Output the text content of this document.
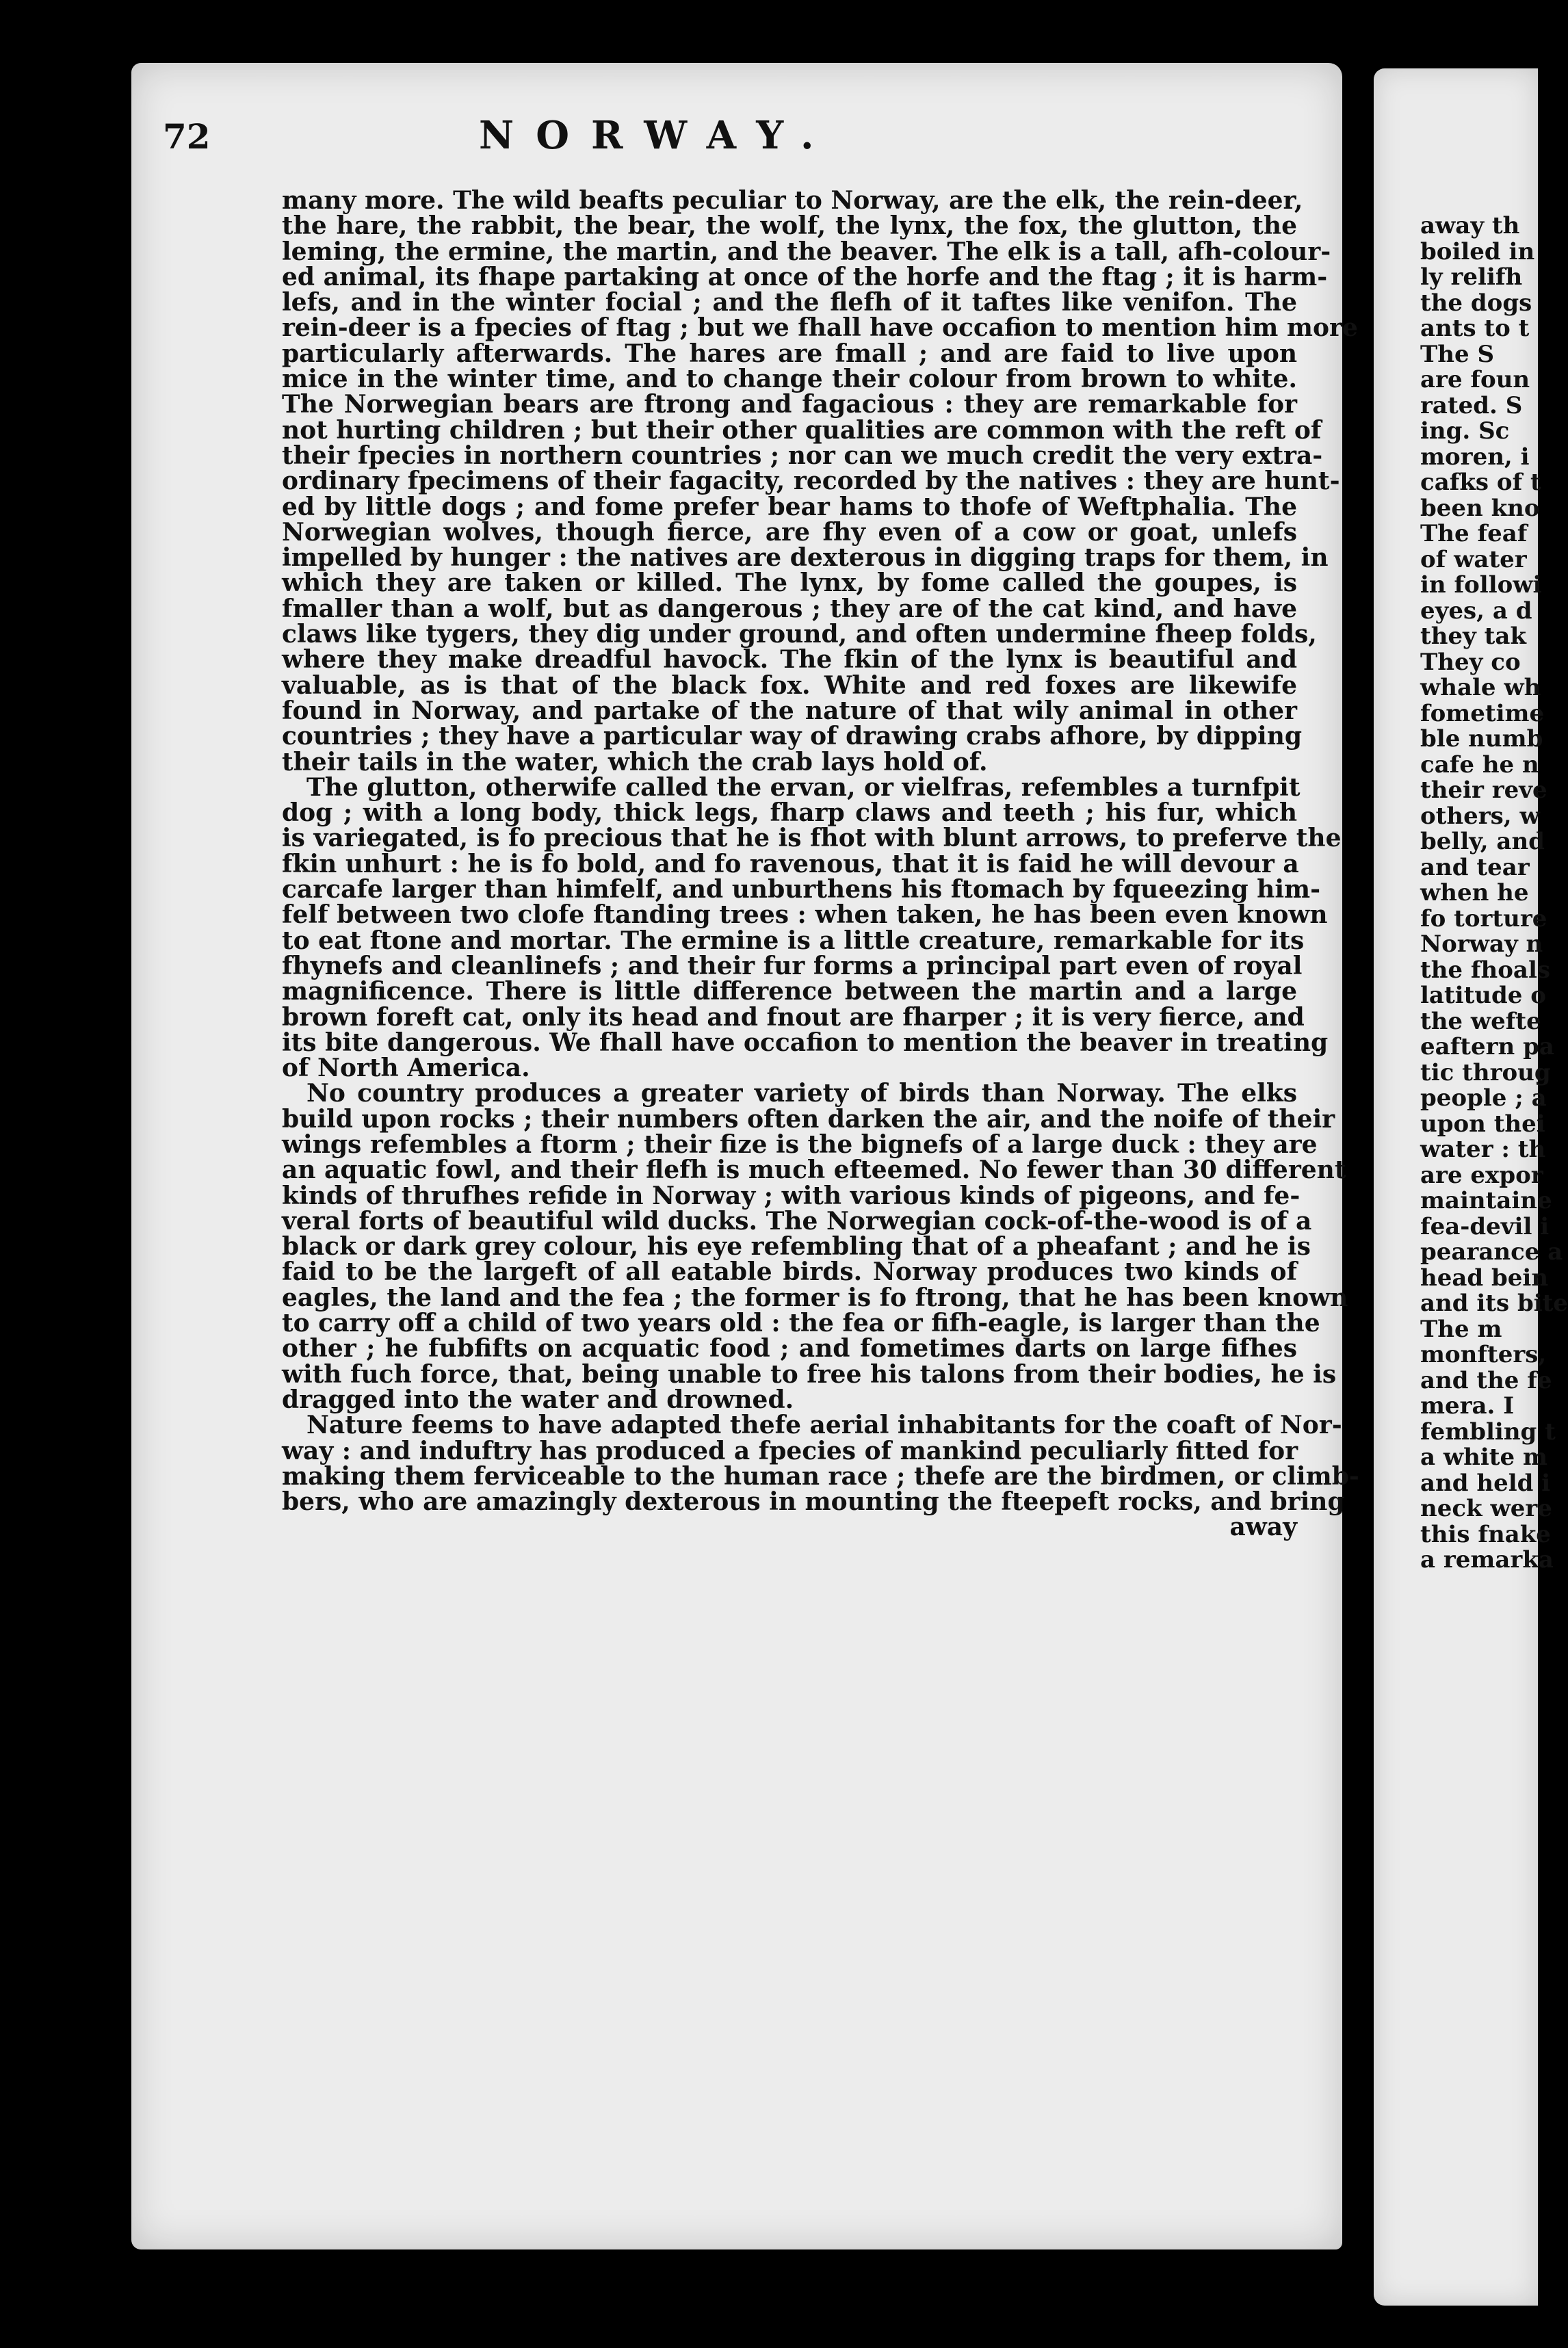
away th
boiled in
ly relifh
the dogs
ants to t
The S
are foun
rated. S
ing. Sc
moren, i
cafks of t
been kno
The feaf
of water
in followi
eyes, a d
they tak
They co
whale wh
fometime
ble numb
cafe he n
their reve
others, w
belly, and
and tear
when he
fo torture
Norway n
the fhoals
latitude o
the wefte
eaftern pa
tic throug
people ; a
upon thei
water : th
are expor
maintaine
fea-devil i
pearance a
head bein
and its bite
The m
monfters,
and the fe
mera. I
fembling t
a white m
and held i
neck were
this fnake
a remarka
72	NORWAY.
many more. The wild beafts peculiar to Norway, are the elk, the rein-deer,
the hare, the rabbit, the bear, the wolf, the lynx, the fox, the glutton, the
leming, the ermine, the martin, and the beaver. The elk is a tall, afh-colour-
ed animal, its fhape partaking at once of the horfe and the ftag ; it is harm-
lefs, and in the winter focial ; and the flefh of it taftes like venifon. The
rein-deer is a fpecies of ftag ; but we fhall have occafion to mention him more
particularly afterwards. The hares are fmall ; and are faid to live upon
mice in the winter time, and to change their colour from brown to white.
The Norwegian bears are ftrong and fagacious : they are remarkable for
not hurting children ; but their other qualities are common with the reft of
their fpecies in northern countries ; nor can we much credit the very extra-
ordinary fpecimens of their fagacity, recorded by the natives : they are hunt-
ed by little dogs ; and fome prefer bear hams to thofe of Weftphalia. The
Norwegian wolves, though fierce, are fhy even of a cow or goat, unlefs
impelled by hunger : the natives are dexterous in digging traps for them, in
which they are taken or killed. The lynx, by fome called the goupes, is
fmaller than a wolf, but as dangerous ; they are of the cat kind, and have
claws like tygers, they dig under ground, and often undermine fheep folds,
where they make dreadful havock. The fkin of the lynx is beautiful and
valuable, as is that of the black fox. White and red foxes are likewife
found in Norway, and partake of the nature of that wily animal in other
countries ; they have a particular way of drawing crabs afhore, by dipping
their tails in the water, which the crab lays hold of.
The glutton, otherwife called the ervan, or vielfras, refembles a turnfpit
dog ; with a long body, thick legs, fharp claws and teeth ; his fur, which
is variegated, is fo precious that he is fhot with blunt arrows, to preferve the
fkin unhurt : he is fo bold, and fo ravenous, that it is faid he will devour a
carcafe larger than himfelf, and unburthens his ftomach by fqueezing him-
felf between two clofe ftanding trees : when taken, he has been even known
to eat ftone and mortar. The ermine is a little creature, remarkable for its
fhynefs and cleanlinefs ; and their fur forms a principal part even of royal
magnificence. There is little difference between the martin and a large
brown foreft cat, only its head and fnout are fharper ; it is very fierce, and
its bite dangerous. We fhall have occafion to mention the beaver in treating
of North America.
No country produces a greater variety of birds than Norway. The elks
build upon rocks ; their numbers often darken the air, and the noife of their
wings refembles a ftorm ; their fize is the bignefs of a large duck : they are
an aquatic fowl, and their flefh is much efteemed. No fewer than 30 different
kinds of thrufhes refide in Norway ; with various kinds of pigeons, and fe-
veral forts of beautiful wild ducks. The Norwegian cock-of-the-wood is of a
black or dark grey colour, his eye refembling that of a pheafant ; and he is
faid to be the largeft of all eatable birds. Norway produces two kinds of
eagles, the land and the fea ; the former is fo ftrong, that he has been known
to carry off a child of two years old : the fea or fifh-eagle, is larger than the
other ; he fubfifts on acquatic food ; and fometimes darts on large fifhes
with fuch force, that, being unable to free his talons from their bodies, he is
dragged into the water and drowned.
Nature feems to have adapted thefe aerial inhabitants for the coaft of Nor-
way : and induftry has produced a fpecies of mankind peculiarly fitted for
making them ferviceable to the human race ; thefe are the birdmen, or climb-
bers, who are amazingly dexterous in mounting the fteepeft rocks, and bring
away
